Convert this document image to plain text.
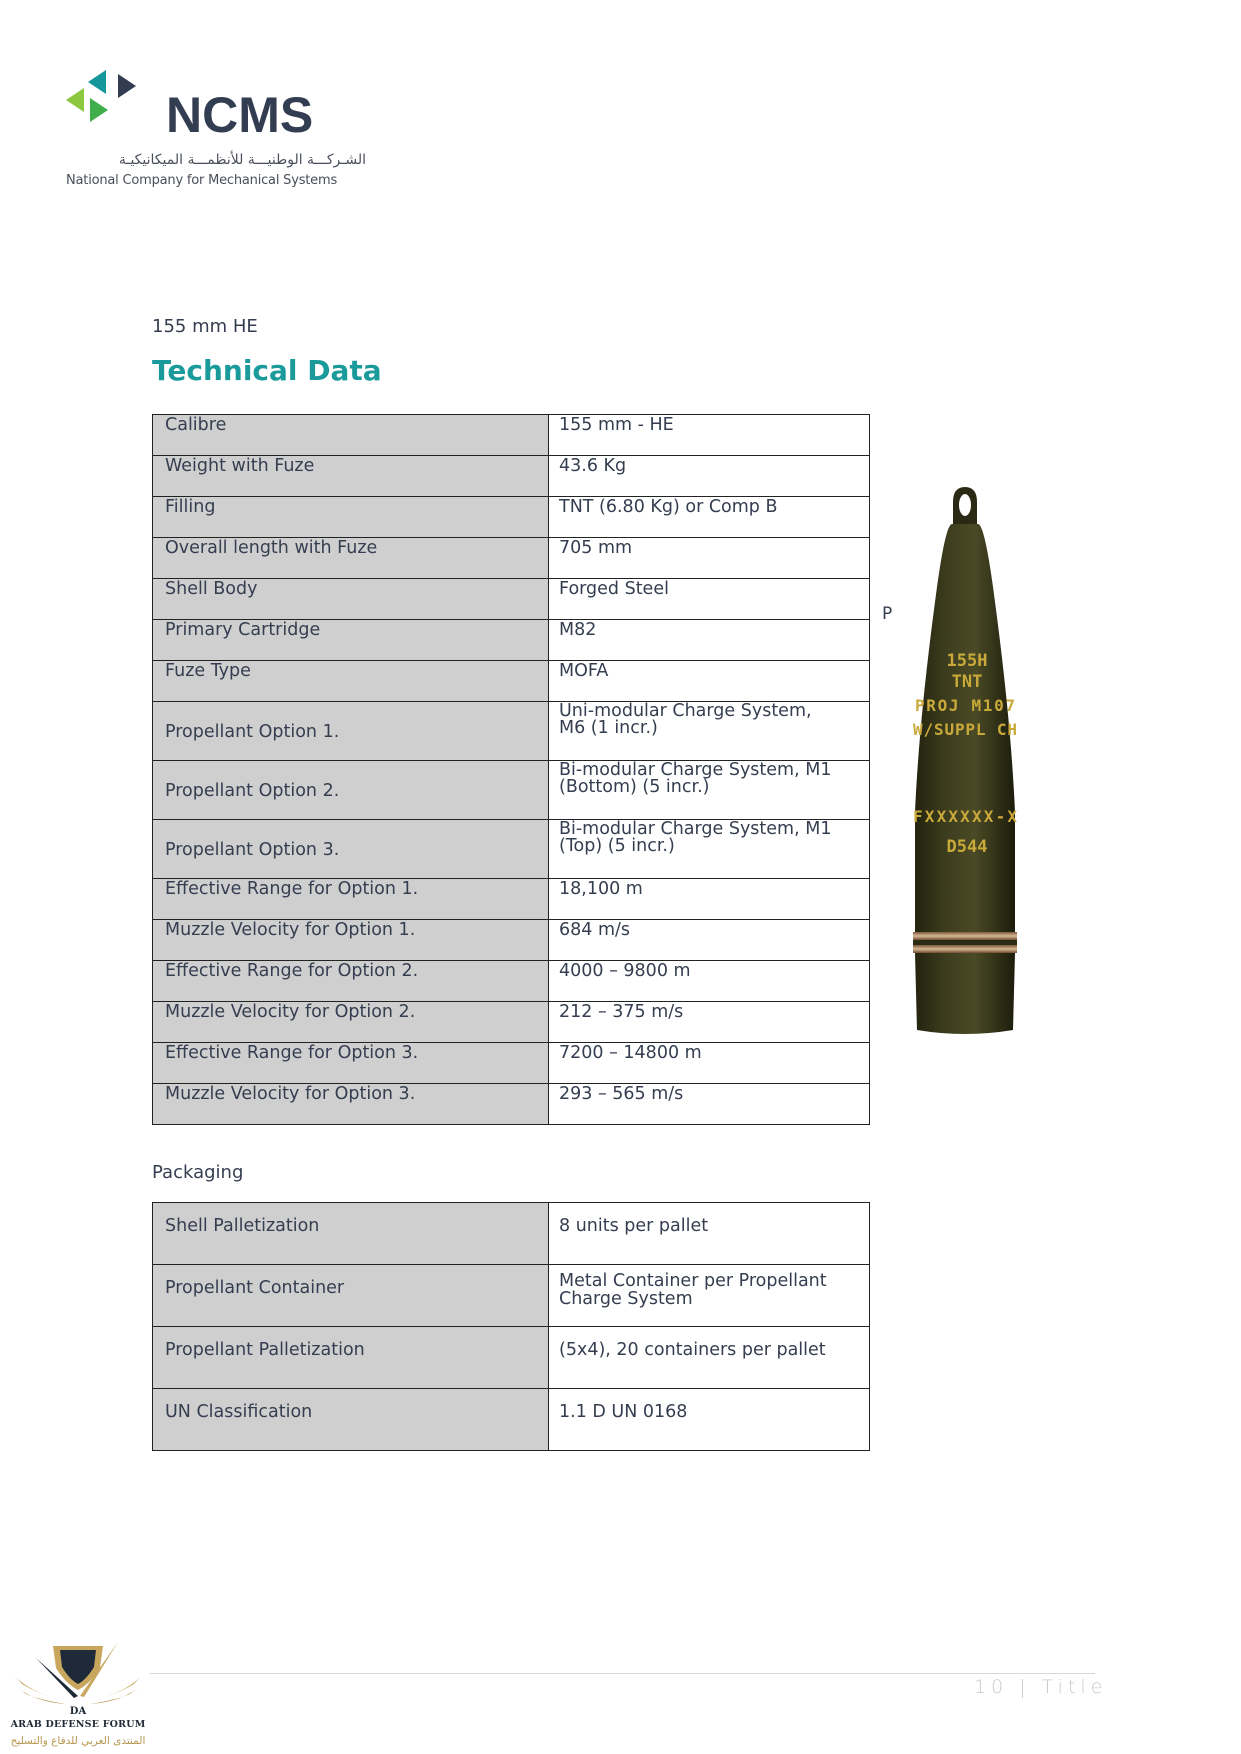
NCMS
الشـركـــة الوطنيـــة للأنظمـــة الميكانيكيـة
National Company for Mechanical Systems
155 mm HE
Technical Data
Calibre	155 mm - HE
Weight with Fuze	43.6 Kg
Filling	TNT (6.80 Kg) or Comp B
Overall length with Fuze	705 mm
Shell Body	Forged Steel
Primary Cartridge	M82
Fuze Type	MOFA
Propellant Option 1.	Uni-modular Charge System,
M6 (1 incr.)

Propellant Option 2.	Bi-modular Charge System, M1
(Bottom) (5 incr.)

Propellant Option 3.	Bi-modular Charge System, M1
(Top) (5 incr.)

Effective Range for Option 1.	18,100 m
Muzzle Velocity for Option 1.	684 m/s
Effective Range for Option 2.	4000 – 9800 m
Muzzle Velocity for Option 2.	212 – 375 m/s
Effective Range for Option 3.	7200 – 14800 m
Muzzle Velocity for Option 3.	293 – 565 m/s
P
155H
TNT
PROJ M107
W/SUPPL CH
FXXXXXX-X
D544
Packaging
Shell Palletization	8 units per pallet
Propellant Container	Metal Container per Propellant
Charge System

Propellant Palletization	(5x4), 20 containers per pallet
UN Classification	1.1 D UN 0168
10 | Title
DA
ARAB DEFENSE FORUM
المنتدى العربي للدفاع والتسليح
